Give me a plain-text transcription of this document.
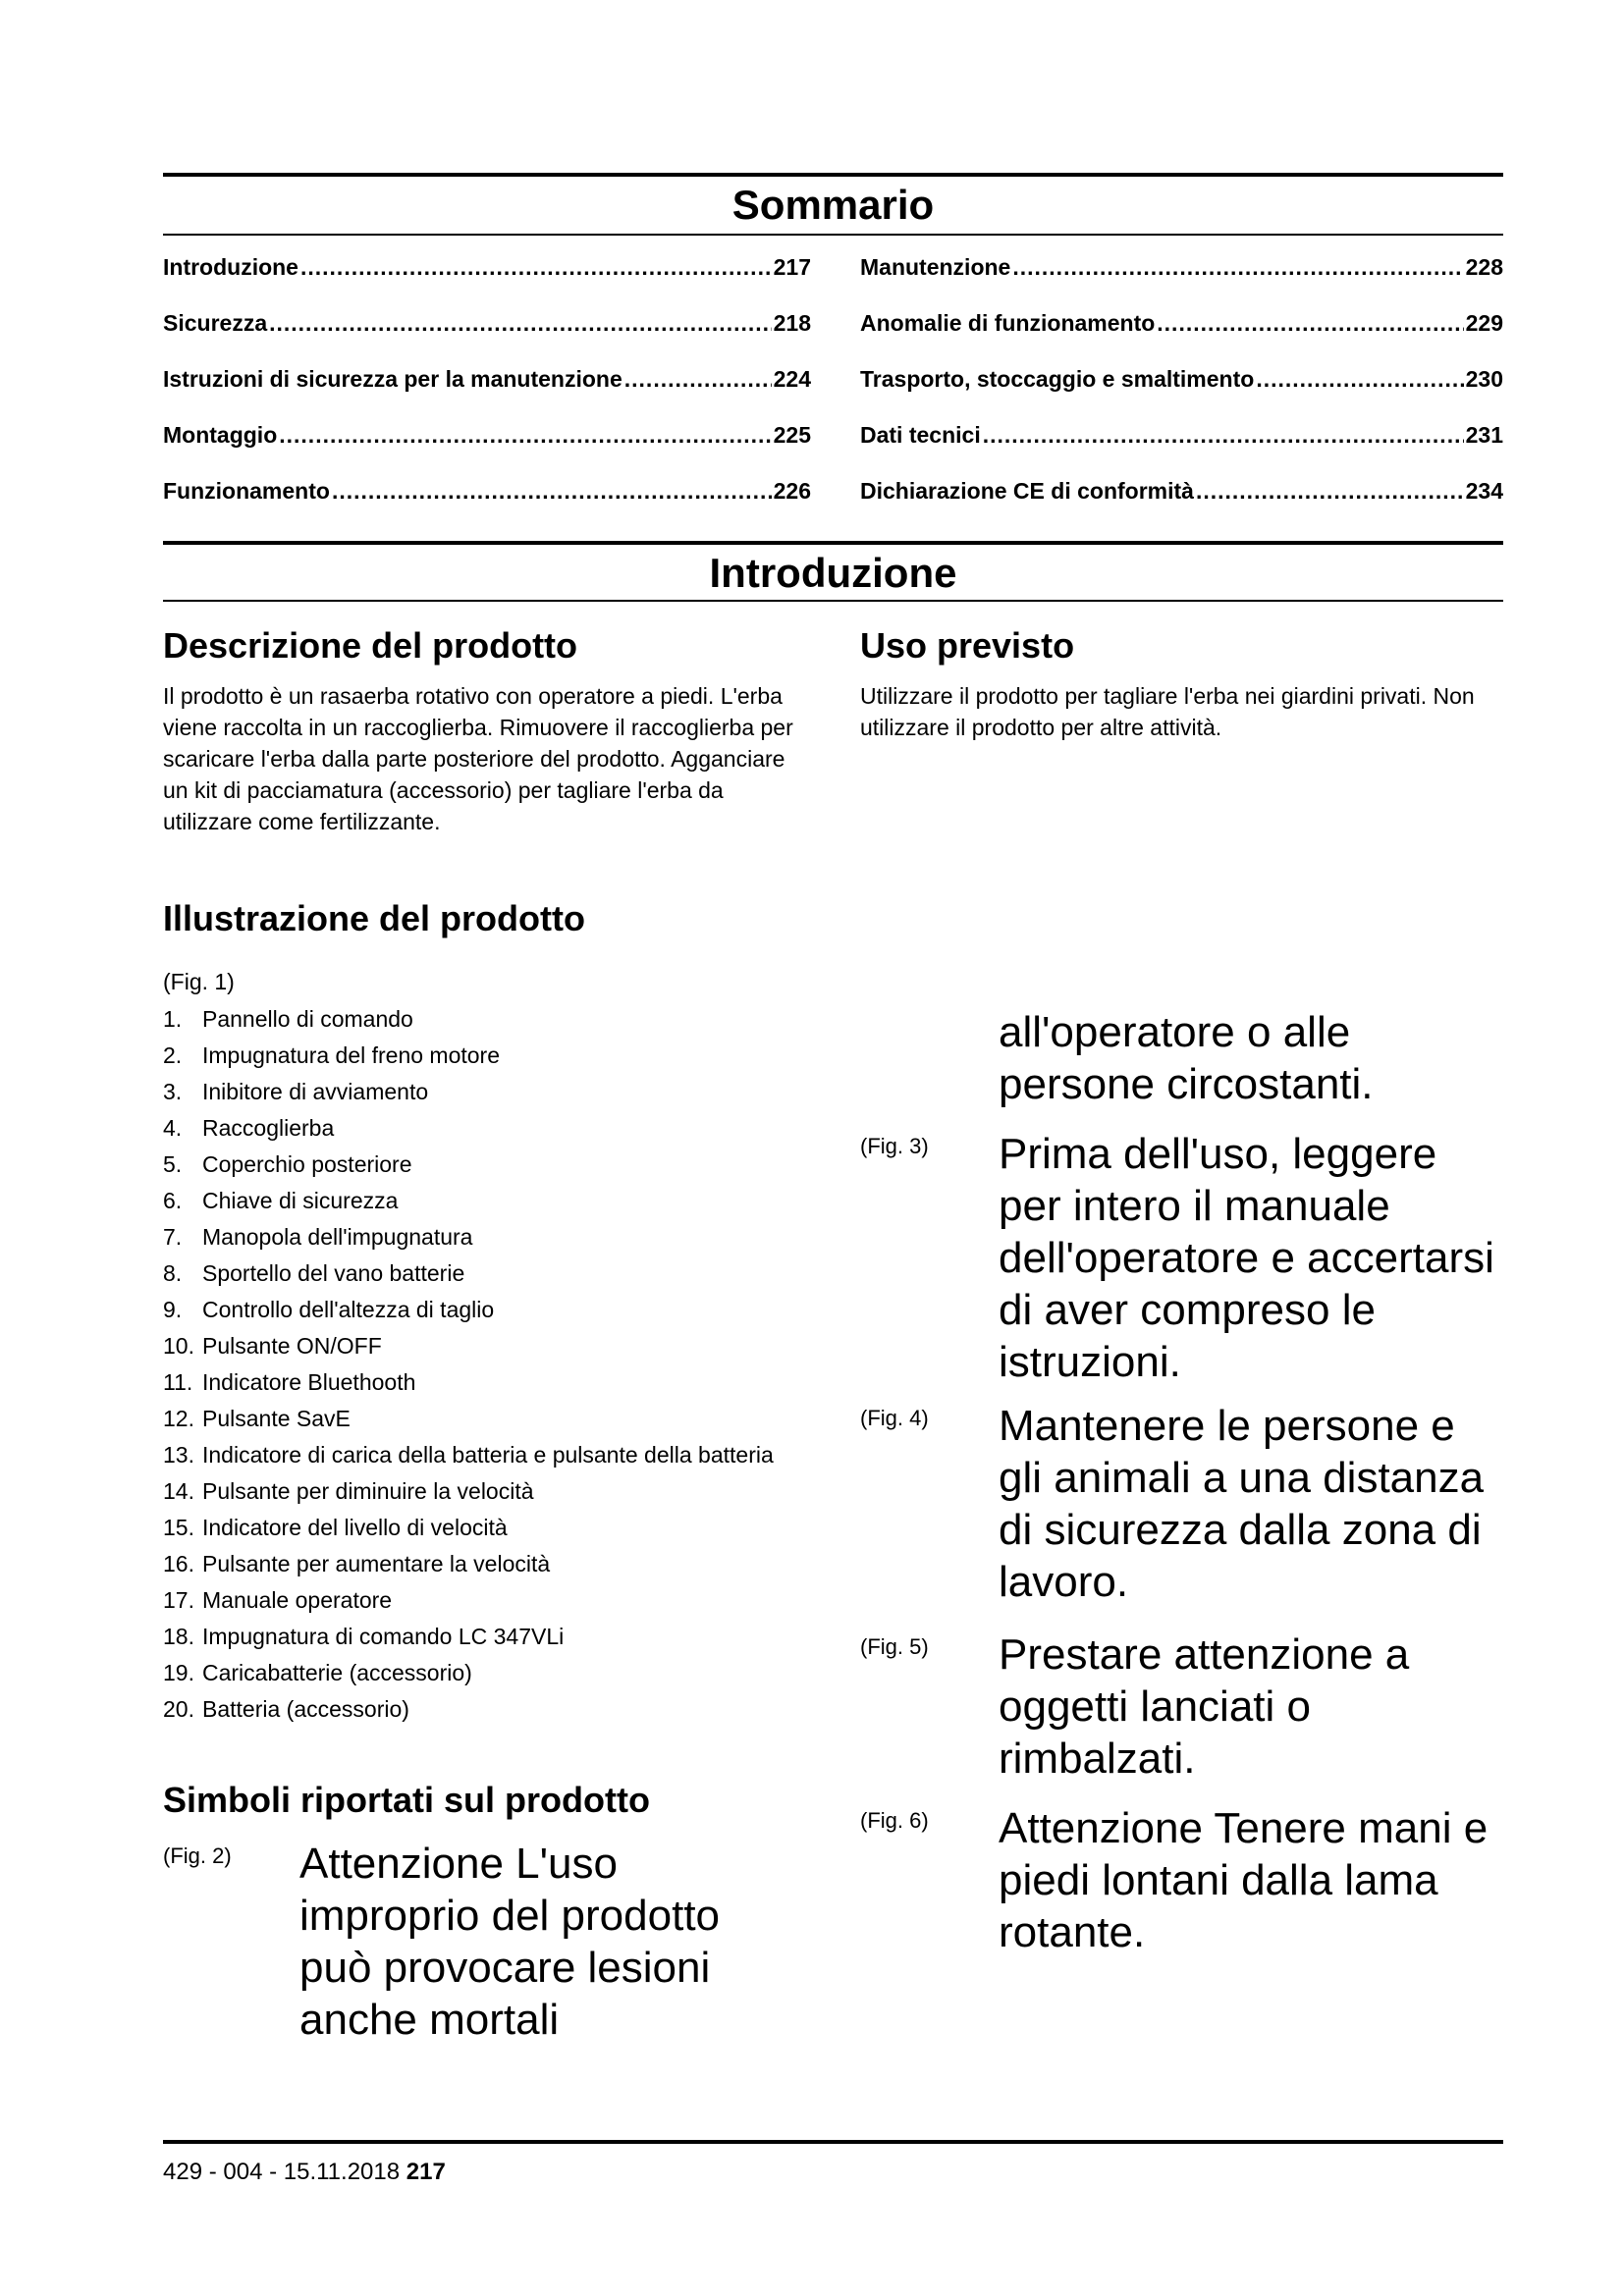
Sommario
Introduzione .....	217
Sicurezza .....	218
Istruzioni di sicurezza per la manutenzione .....	224
Montaggio .....	225
Funzionamento .....	226
Manutenzione .....	228
Anomalie di funzionamento .....	229
Trasporto, stoccaggio e smaltimento .....	230
Dati tecnici .....	231
Dichiarazione CE di conformità .....	234
Introduzione
Descrizione del prodotto

Il prodotto è un rasaerba rotativo con operatore a piedi. L'erba viene raccolta in un raccoglierba. Rimuovere il raccoglierba per scaricare l'erba dalla parte posteriore del prodotto. Agganciare un kit di pacciamatura (accessorio) per tagliare l'erba da utilizzare come fertilizzante.

Uso previsto

Utilizzare il prodotto per tagliare l'erba nei giardini privati. Non utilizzare il prodotto per altre attività.

Illustrazione del prodotto
(Fig. 1)
1. Pannello di comando
2. Impugnatura del freno motore
3. Inibitore di avviamento
4. Raccoglierba
5. Coperchio posteriore
6. Chiave di sicurezza
7. Manopola dell'impugnatura
8. Sportello del vano batterie
9. Controllo dell'altezza di taglio
10. Pulsante ON/OFF
11. Indicatore Bluethooth
12. Pulsante SavE
13. Indicatore di carica della batteria e pulsante della batteria
14. Pulsante per diminuire la velocità
15. Indicatore del livello di velocità
16. Pulsante per aumentare la velocità
17. Manuale operatore
18. Impugnatura di comando LC 347VLi
19. Caricabatterie (accessorio)
20. Batteria (accessorio)
Simboli riportati sul prodotto
(Fig. 2) Attenzione L'uso improprio del prodotto può provocare lesioni anche mortali

all'operatore o alle persone circostanti.

(Fig. 3) Prima dell'uso, leggere per intero il manuale dell'operatore e accertarsi di aver compreso le istruzioni.

(Fig. 4) Mantenere le persone e gli animali a una distanza di sicurezza dalla zona di lavoro.

(Fig. 5) Prestare attenzione a oggetti lanciati o rimbalzati.

(Fig. 6) Attenzione Tenere mani e piedi lontani dalla lama rotante.

429 - 004 - 15.11.2018 217
